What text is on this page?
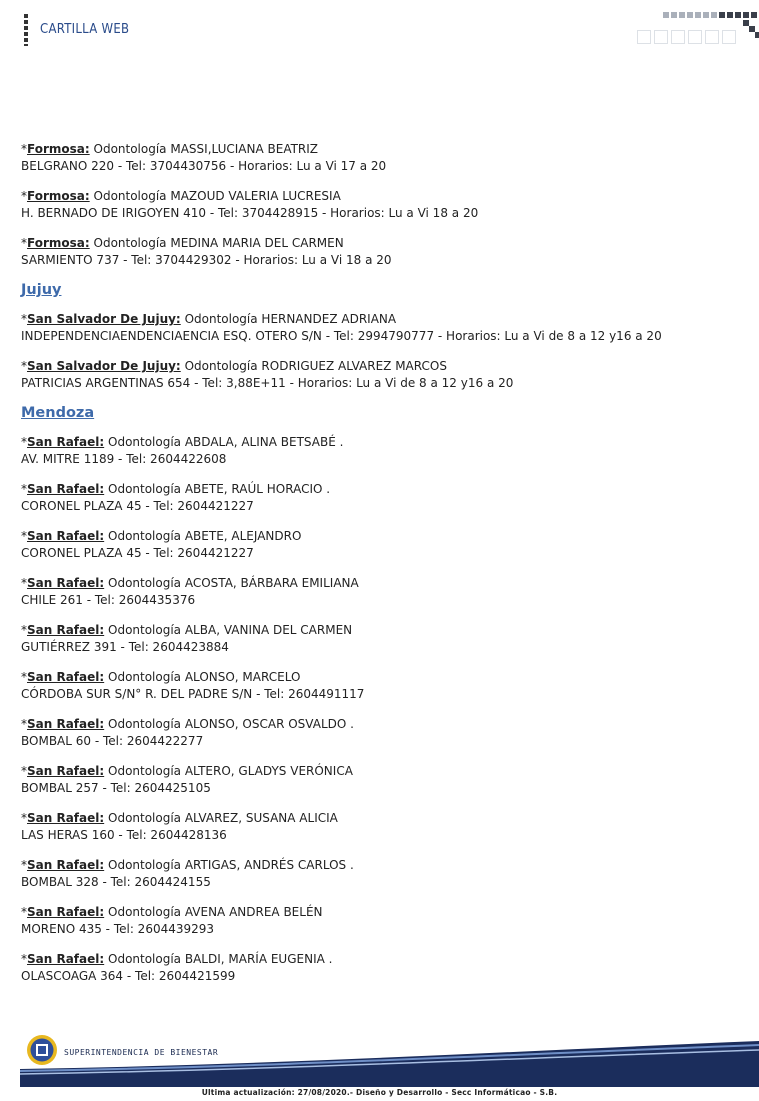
CARTILLA WEB

*Formosa: Odontología MASSI,LUCIANA BEATRIZ
BELGRANO 220 - Tel: 3704430756 - Horarios: Lu a Vi 17 a 20

*Formosa: Odontología MAZOUD VALERIA LUCRESIA
H. BERNADO DE IRIGOYEN 410 - Tel: 3704428915 - Horarios: Lu a Vi 18 a 20

*Formosa: Odontología MEDINA MARIA DEL CARMEN
SARMIENTO 737 - Tel: 3704429302 - Horarios: Lu a Vi 18 a 20

Jujuy

*San Salvador De Jujuy: Odontología HERNANDEZ ADRIANA
INDEPENDENCIAENDENCIAENCIA ESQ. OTERO S/N - Tel: 2994790777 - Horarios: Lu a Vi de 8 a 12 y16 a 20

*San Salvador De Jujuy: Odontología RODRIGUEZ ALVAREZ MARCOS
PATRICIAS ARGENTINAS 654 - Tel: 3,88E+11 - Horarios: Lu a Vi de 8 a 12 y16 a 20

Mendoza

*San Rafael: Odontología ABDALA, ALINA BETSABÉ .
AV. MITRE 1189 - Tel: 2604422608

*San Rafael: Odontología ABETE, RAÚL HORACIO .
CORONEL PLAZA 45 - Tel: 2604421227

*San Rafael: Odontología ABETE, ALEJANDRO
CORONEL PLAZA 45 - Tel: 2604421227

*San Rafael: Odontología ACOSTA, BÁRBARA EMILIANA
CHILE 261 - Tel: 2604435376

*San Rafael: Odontología ALBA, VANINA DEL CARMEN
GUTIÉRREZ 391 - Tel: 2604423884

*San Rafael: Odontología ALONSO, MARCELO
CÓRDOBA SUR S/N° R. DEL PADRE S/N - Tel: 2604491117

*San Rafael: Odontología ALONSO, OSCAR OSVALDO .
BOMBAL 60 - Tel: 2604422277

*San Rafael: Odontología ALTERO, GLADYS VERÓNICA
BOMBAL 257 - Tel: 2604425105

*San Rafael: Odontología ALVAREZ, SUSANA ALICIA
LAS HERAS 160 - Tel: 2604428136

*San Rafael: Odontología ARTIGAS, ANDRÉS CARLOS .
BOMBAL 328 - Tel: 2604424155

*San Rafael: Odontología AVENA ANDREA BELÉN
MORENO 435 - Tel: 2604439293

*San Rafael: Odontología BALDI, MARÍA EUGENIA .
OLASCOAGA 364 - Tel: 2604421599

SUPERINTENDENCIA DE BIENESTAR
Ultima actualización: 27/08/2020.- Diseño y Desarrollo - Secc Informáticao - S.B.
